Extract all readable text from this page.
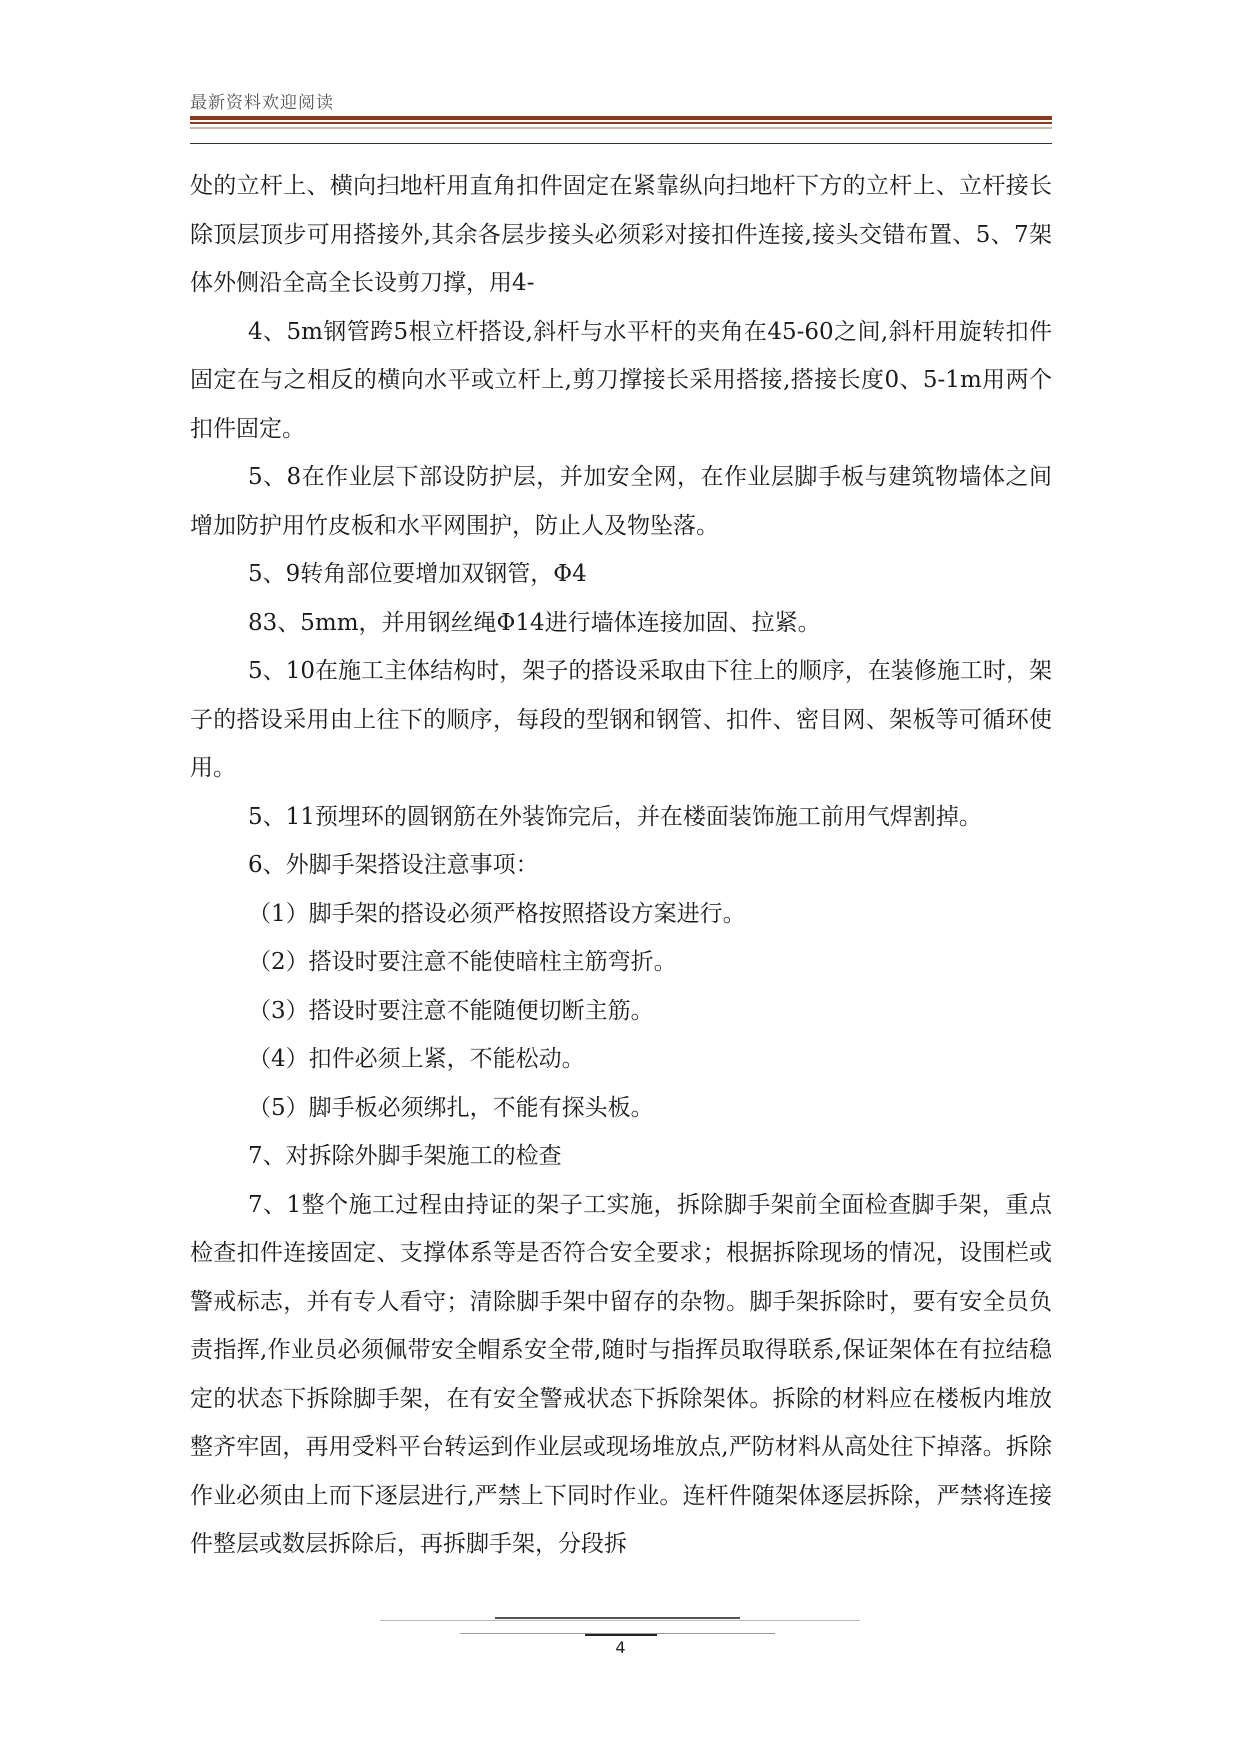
最新资料欢迎阅读

处的立杆上、横向扫地杆用直角扣件固定在紧靠纵向扫地杆下方的立杆上、立杆接长除顶层顶步可用搭接外,其余各层步接头必须彩对接扣件连接,接头交错布置、5、7架体外侧沿全高全长设剪刀撑，用4-

4、5m钢管跨5根立杆搭设,斜杆与水平杆的夹角在45-60之间,斜杆用旋转扣件固定在与之相反的横向水平或立杆上,剪刀撑接长采用搭接,搭接长度0、5-1m用两个扣件固定。

5、8在作业层下部设防护层，并加安全网，在作业层脚手板与建筑物墙体之间增加防护用竹皮板和水平网围护，防止人及物坠落。

5、9转角部位要增加双钢管，Φ4

83、5mm，并用钢丝绳Φ14进行墙体连接加固、拉紧。

5、10在施工主体结构时，架子的搭设采取由下往上的顺序，在装修施工时，架子的搭设采用由上往下的顺序，每段的型钢和钢管、扣件、密目网、架板等可循环使用。

5、11预埋环的圆钢筋在外装饰完后，并在楼面装饰施工前用气焊割掉。

6、外脚手架搭设注意事项：

（1）脚手架的搭设必须严格按照搭设方案进行。

（2）搭设时要注意不能使暗柱主筋弯折。

（3）搭设时要注意不能随便切断主筋。

（4）扣件必须上紧，不能松动。

（5）脚手板必须绑扎，不能有探头板。

7、对拆除外脚手架施工的检查

7、1整个施工过程由持证的架子工实施，拆除脚手架前全面检查脚手架，重点检查扣件连接固定、支撑体系等是否符合安全要求；根据拆除现场的情况，设围栏或警戒标志，并有专人看守；清除脚手架中留存的杂物。脚手架拆除时，要有安全员负责指挥,作业员必须佩带安全帽系安全带,随时与指挥员取得联系,保证架体在有拉结稳定的状态下拆除脚手架，在有安全警戒状态下拆除架体。拆除的材料应在楼板内堆放整齐牢固，再用受料平台转运到作业层或现场堆放点,严防材料从高处往下掉落。拆除作业必须由上而下逐层进行,严禁上下同时作业。连杆件随架体逐层拆除，严禁将连接件整层或数层拆除后，再拆脚手架，分段拆

4
